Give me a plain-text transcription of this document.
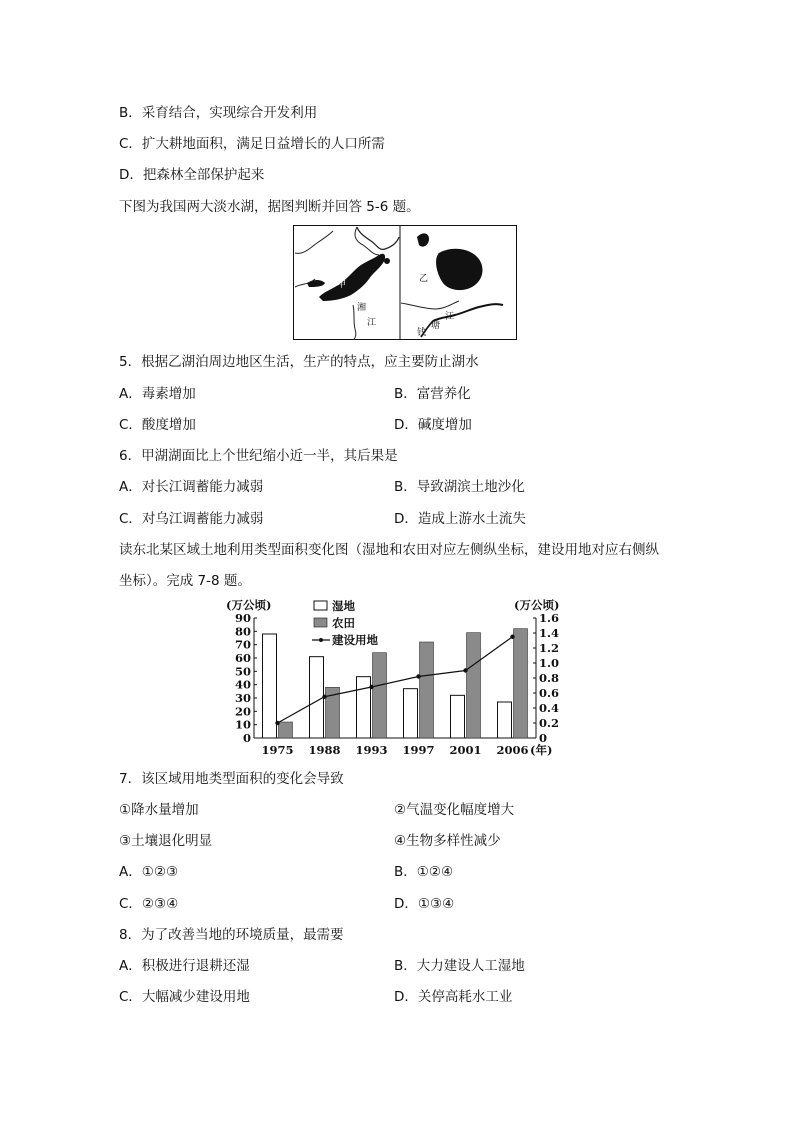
B．采育结合，实现综合开发利用
C．扩大耕地面积，满足日益增长的人口所需
D．把森林全部保护起来
下图为我国两大淡水湖，据图判断并回答 5-6 题。
甲
湘
江
乙
江
塘
钱
5．根据乙湖泊周边地区生活，生产的特点，应主要防止湖水
A．毒素增加	B．富营养化
C．酸度增加	D．碱度增加
6．甲湖湖面比上个世纪缩小近一半，其后果是
A．对长江调蓄能力减弱	B．导致湖滨土地沙化
C．对乌江调蓄能力减弱	D．造成上游水土流失
读东北某区域土地利用类型面积变化图（湿地和农田对应左侧纵坐标，建设用地对应右侧纵
坐标）。完成 7-8 题。
(万公顷)	(万公顷)
湿地
农田
建设用地
0
10
20
30
40
50
60
70
80
90
0
0.2
0.4
0.6
0.8
1.0
1.2
1.4
1.6
1975 1988 1993 1997 2001 2006 (年)
7．该区域用地类型面积的变化会导致
①降水量增加	②气温变化幅度增大
③土壤退化明显	④生物多样性减少
A．①②③	B．①②④
C．②③④	D．①③④
8．为了改善当地的环境质量，最需要
A．积极进行退耕还湿	B．大力建设人工湿地
C．大幅减少建设用地	D．关停高耗水工业
